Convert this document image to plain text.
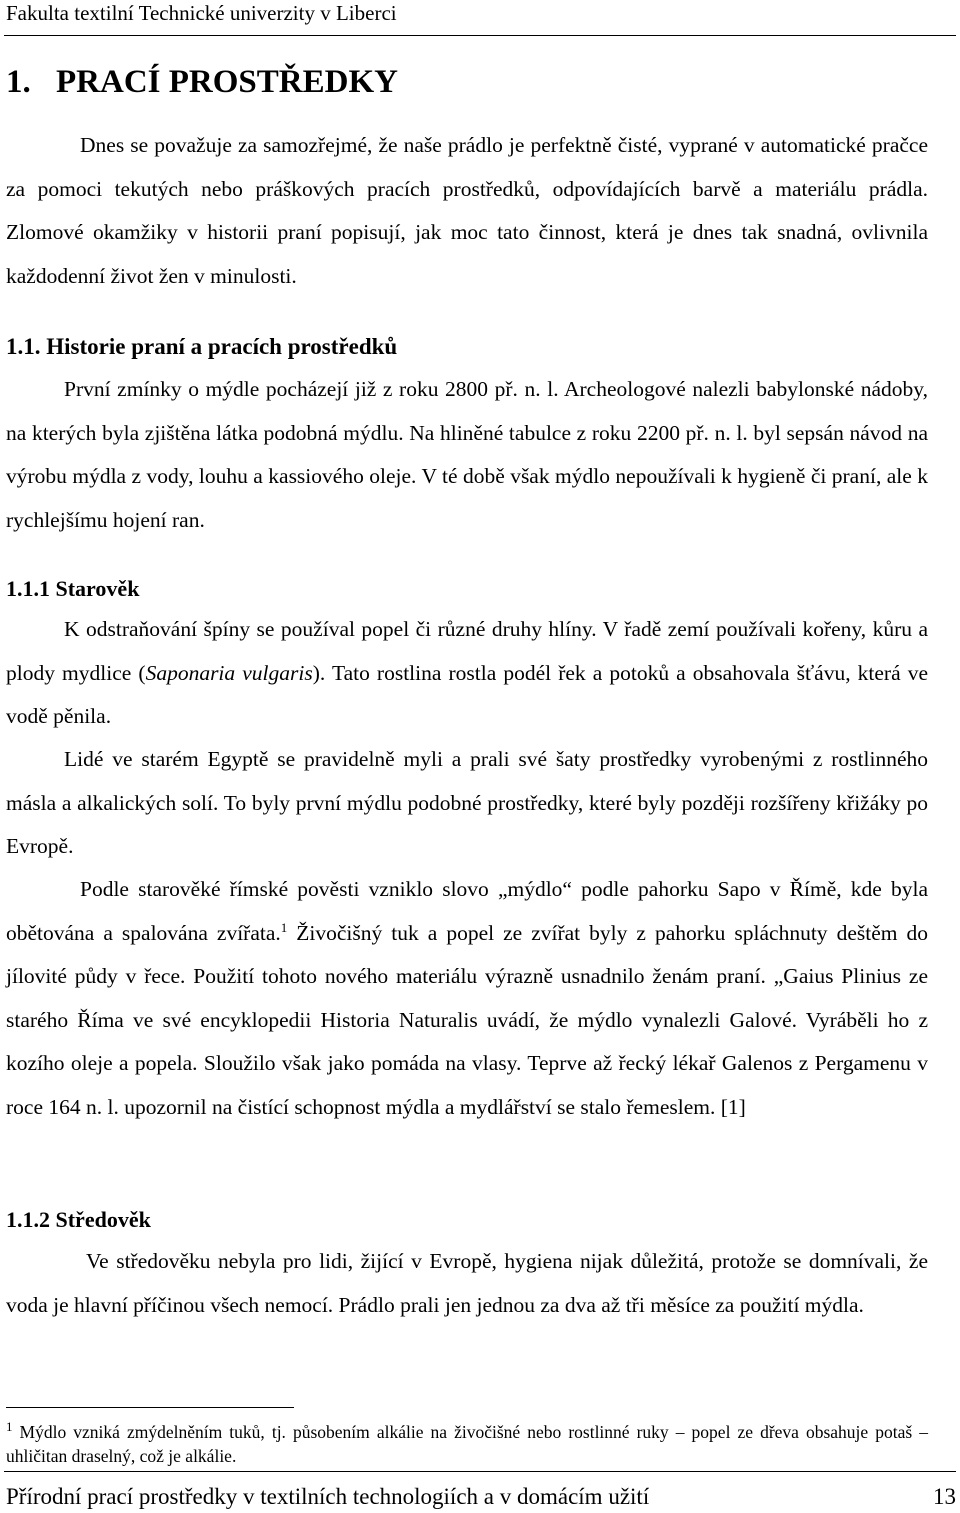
Fakulta textilní Technické univerzity v Liberci
1. PRACÍ PROSTŘEDKY
Dnes se považuje za samozřejmé, že naše prádlo je perfektně čisté, vyprané v automatické pračce za pomoci tekutých nebo práškových pracích prostředků, odpovídajících barvě a materiálu prádla. Zlomové okamžiky v historii praní popisují, jak moc tato činnost, která je dnes tak snadná, ovlivnila každodenní život žen v minulosti.
1.1. Historie praní a pracích prostředků
První zmínky o mýdle pocházejí již z roku 2800 př. n. l. Archeologové nalezli babylonské nádoby, na kterých byla zjištěna látka podobná mýdlu. Na hliněné tabulce z roku 2200 př. n. l. byl sepsán návod na výrobu mýdla z vody, louhu a kassiového oleje. V té době však mýdlo nepoužívali k hygieně či praní, ale k rychlejšímu hojení ran.
1.1.1 Starověk
K odstraňování špíny se používal popel či různé druhy hlíny. V řadě zemí používali kořeny, kůru a plody mydlice (Saponaria vulgaris). Tato rostlina rostla podél řek a potoků a obsahovala šťávu, která ve vodě pěnila.
Lidé ve starém Egyptě se pravidelně myli a prali své šaty prostředky vyrobenými z rostlinného másla a alkalických solí. To byly první mýdlu podobné prostředky, které byly později rozšířeny křižáky po Evropě.
Podle starověké římské pověsti vzniklo slovo „mýdlo“ podle pahorku Sapo v Římě, kde byla obětována a spalována zvířata.$^1$ Živočišný tuk a popel ze zvířat byly z pahorku spláchnuty deštěm do jílovité půdy v řece. Použití tohoto nového materiálu výrazně usnadnilo ženám praní. „Gaius Plinius ze starého Říma ve své encyklopedii Historia Naturalis uvádí, že mýdlo vynalezli Galové. Vyráběli ho z kozího oleje a popela. Sloužilo však jako pomáda na vlasy. Teprve až řecký lékař Galenos z Pergamenu v roce 164 n. l. upozornil na čistící schopnost mýdla a mydlářství se stalo řemeslem. [1]
1.1.2 Středověk
Ve středověku nebyla pro lidi, žijící v Evropě, hygiena nijak důležitá, protože se domnívali, že voda je hlavní příčinou všech nemocí. Prádlo prali jen jednou za dva až tři měsíce za použití mýdla.
$^1$ Mýdlo vzniká zmýdelněním tuků, tj. působením alkálie na živočišné nebo rostlinné ruky – popel ze dřeva obsahuje potaš – uhličitan draselný, což je alkálie.
Přírodní prací prostředky v textilních technologiích a v domácím užití	13
